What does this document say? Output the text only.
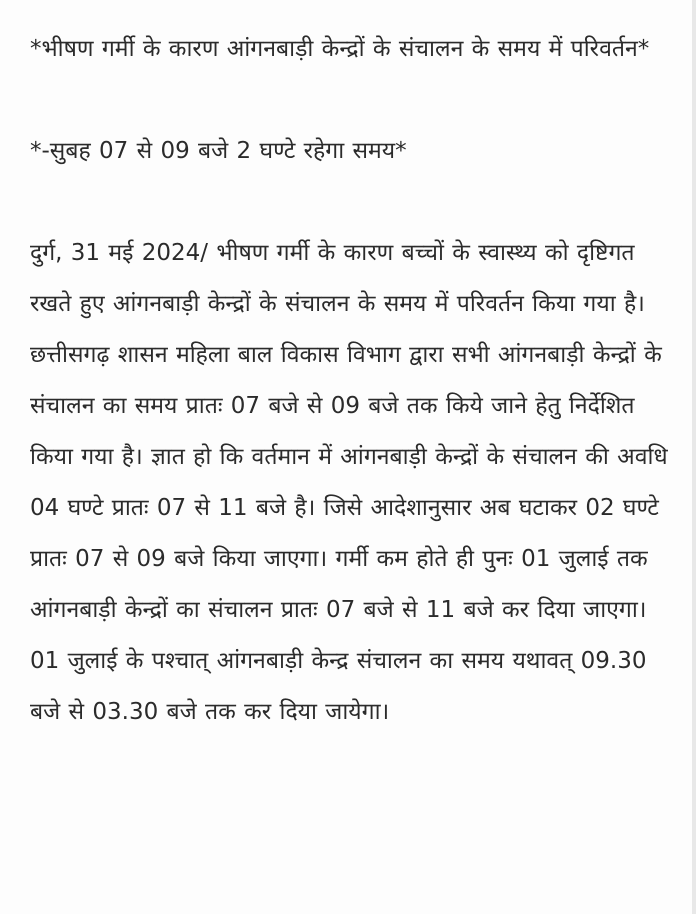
*भीषण गर्मी के कारण आंगनबाड़ी केन्द्रों के संचालन के समय में परिवर्तन*

*-सुबह 07 से 09 बजे 2 घण्टे रहेगा समय*

दुर्ग, 31 मई 2024/ भीषण गर्मी के कारण बच्चों के स्वास्थ्य को दृष्टिगत रखते हुए आंगनबाड़ी केन्द्रों के संचालन के समय में परिवर्तन किया गया है। छत्तीसगढ़ शासन महिला बाल विकास विभाग द्वारा सभी आंगनबाड़ी केन्द्रों के संचालन का समय प्रातः 07 बजे से 09 बजे तक किये जाने हेतु निर्देशित किया गया है। ज्ञात हो कि वर्तमान में आंगनबाड़ी केन्द्रों के संचालन की अवधि 04 घण्टे प्रातः 07 से 11 बजे है। जिसे आदेशानुसार अब घटाकर 02 घण्टे प्रातः 07 से 09 बजे किया जाएगा। गर्मी कम होते ही पुनः 01 जुलाई तक आंगनबाड़ी केन्द्रों का संचालन प्रातः 07 बजे से 11 बजे कर दिया जाएगा। 01 जुलाई के पश्चात् आंगनबाड़ी केन्द्र संचालन का समय यथावत् 09.30 बजे से 03.30 बजे तक कर दिया जायेगा।
